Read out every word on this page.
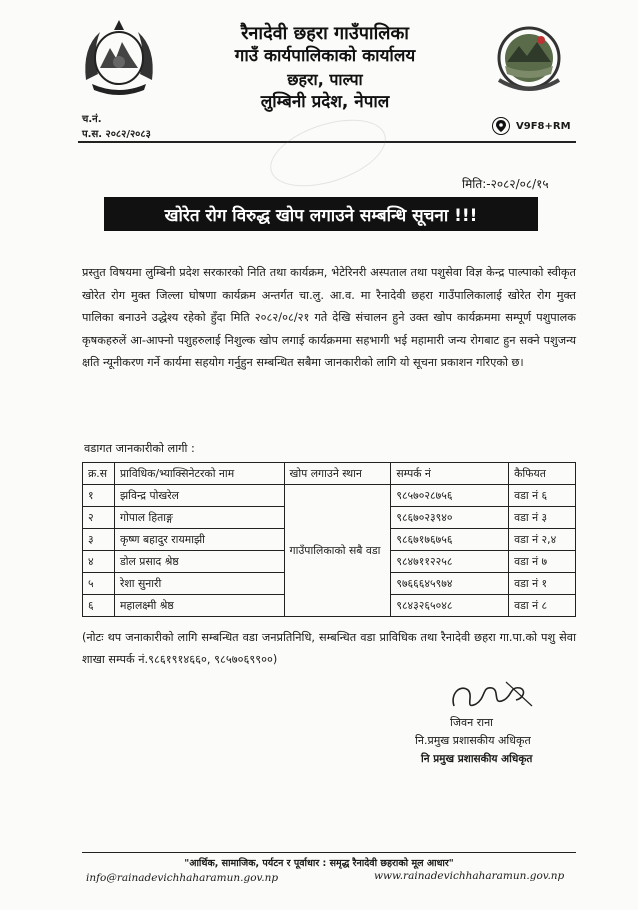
रैनादेवी छहरा गाउँपालिका
गाउँ कार्यपालिकाको कार्यालय
छहरा, पाल्पा
लुम्बिनी प्रदेश, नेपाल
च.नं.
प.स. २०८२/२०८३
V9F8+RM
मिति:-२०८२/०८/१५
खोरेत रोग विरुद्ध खोप लगाउने सम्बन्धि सूचना !!!
प्रस्तुत विषयमा लुम्बिनी प्रदेश सरकारको निति तथा कार्यक्रम, भेटेरिनरी अस्पताल तथा पशुसेवा विज्ञ केन्द्र पाल्पाको स्वीकृत खोरेत रोग मुक्त जिल्ला घोषणा कार्यक्रम अन्तर्गत चा.लु. आ.व. मा रैनादेवी छहरा गाउँपालिकालाई खोरेत रोग मुक्त पालिका बनाउने उद्धेश्य रहेको हुँदा मिति २०८२/०८/२१ गते देखि संचालन हुने उक्त खोप कार्यक्रममा सम्पूर्ण पशुपालक कृषकहरुलें आ-आफ्नो पशुहरुलाई निशुल्क खोप लगाई कार्यक्रममा सहभागी भई महामारी जन्य रोगबाट हुन सक्ने पशुजन्य क्षति न्यूनीकरण गर्ने कार्यमा सहयोग गर्नुहुन सम्बन्धित सबैमा जानकारीको लागि यो सूचना प्रकाशन गरिएको छ।
वडागत जानकारीको लागी :
क्र.स	प्राविधिक/भ्याक्सिनेटरको नाम	खोप लगाउने स्थान	सम्पर्क नं	कैफियत
१	झविन्द्र पोखरेल	गाउँपालिकाको सबै वडा	९८५७०२८७५६	वडा नं ६
२	गोपाल हिताङ्ग		९८६७०२३९४०	वडा नं ३
३	कृष्ण बहादुर रायमाझी		९८६७१७६७५६	वडा नं २,४
४	डोल प्रसाद श्रेष्ठ		९८४७११२२५८	वडा नं ७
५	रेशा सुनारी		९७६६६४५९७४	वडा नं १
६	महालक्ष्मी श्रेष्ठ		९८४३२६५०४८	वडा नं ८
(नोटः थप जनाकारीको लागि सम्बन्धित वडा जनप्रतिनिधि, सम्बन्धित वडा प्राविधिक तथा रैनादेवी छहरा गा.पा.को पशु सेवा शाखा सम्पर्क नं.९८६१९१४६६०, ९८५७०६९९००)
जिवन राना
नि.प्रमुख प्रशासकीय अधिकृत
नि प्रमुख प्रशासकीय अधिकृत
"आर्थिक, सामाजिक, पर्यटन र पूर्वाधार : समृद्ध रैनादेवी छहराको मूल आधार"
info@rainadevichhaharamun.gov.np	www.rainadevichhaharamun.gov.np
